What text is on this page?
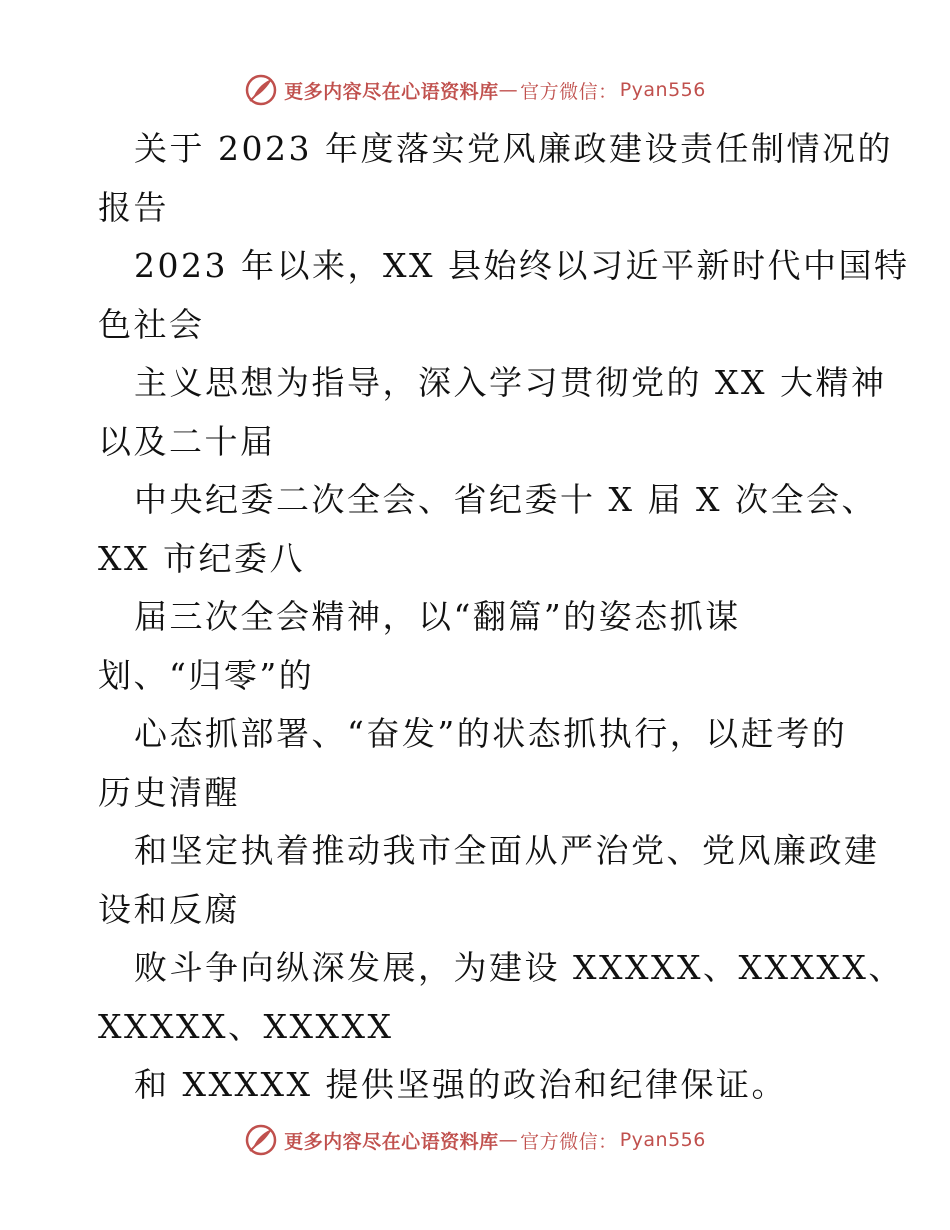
更多内容尽在心语资料库 — 官方微信： Pyan556
关于 2023 年度落实党风廉政建设责任制情况的
报告
2023 年以来，XX 县始终以习近平新时代中国特
色社会
主义思想为指导，深入学习贯彻党的 XX 大精神
以及二十届
中央纪委二次全会、省纪委十 X 届 X 次全会、
XX 市纪委八
届三次全会精神，以“翻篇”的姿态抓谋
划、“归零”的
心态抓部署、“奋发”的状态抓执行，以赶考的
历史清醒
和坚定执着推动我市全面从严治党、党风廉政建
设和反腐
败斗争向纵深发展，为建设 XXXXX、XXXXX、
XXXXX、XXXXX
和 XXXXX 提供坚强的政治和纪律保证。
更多内容尽在心语资料库 — 官方微信： Pyan556
